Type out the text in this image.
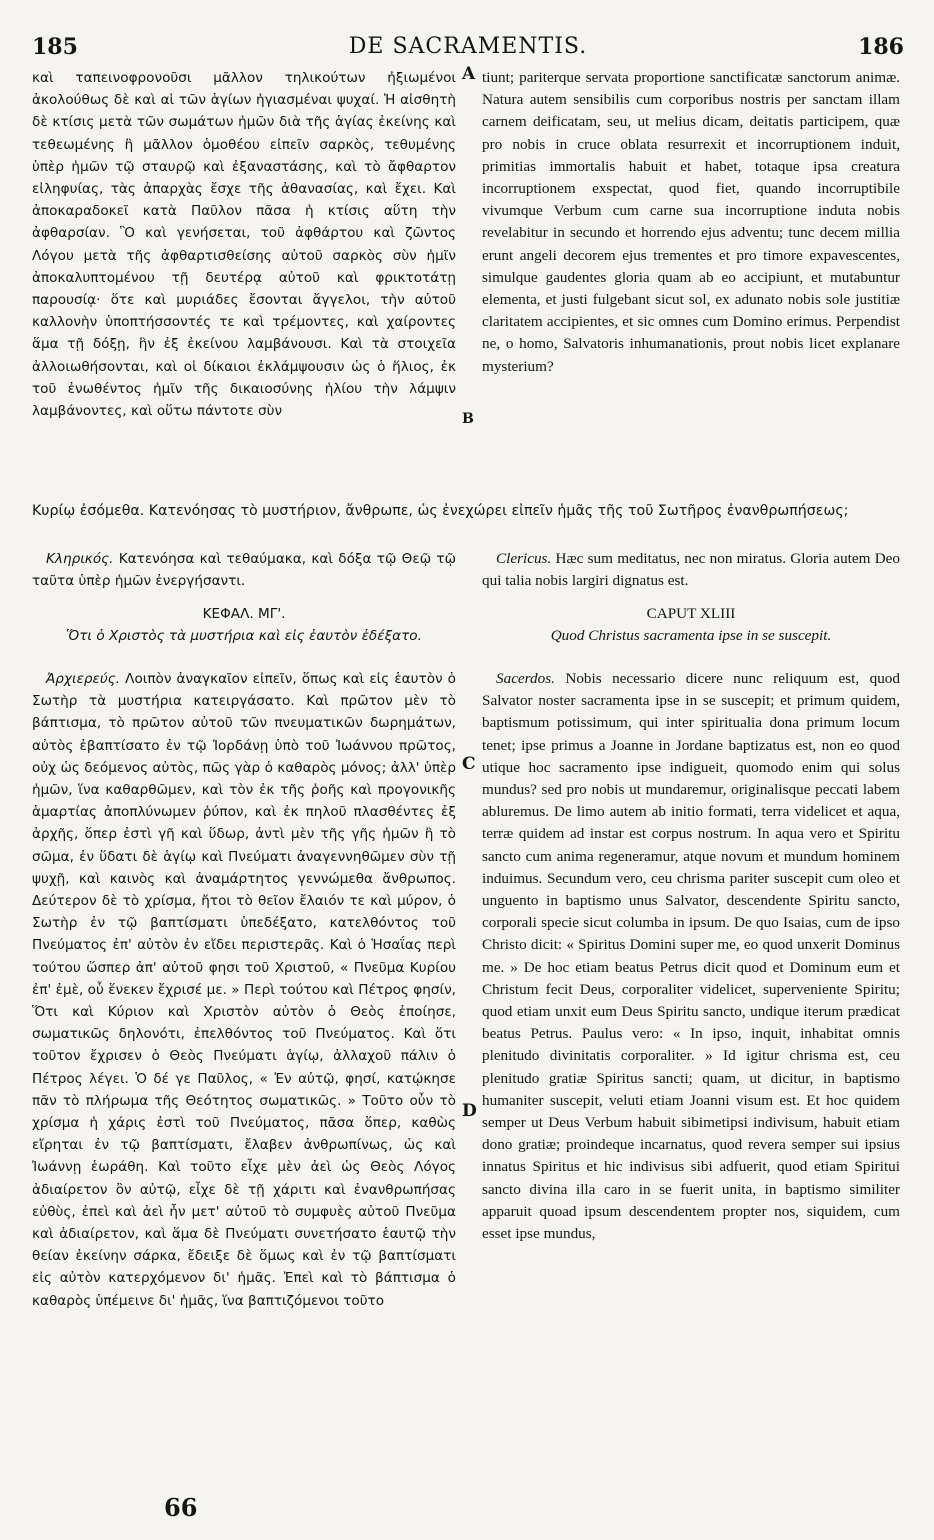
185	DE SACRAMENTIS.	186
A
B
C
D

καὶ ταπεινοφρονοῦσι μᾶλλον τηλικούτων ἠξιωμένοι ἀκολούθως δὲ καὶ αἱ τῶν ἁγίων ἡγιασμέναι ψυχαί. Ἡ αἰσθητὴ δὲ κτίσις μετὰ τῶν σωμάτων ἡμῶν διὰ τῆς ἁγίας ἐκείνης καὶ τεθεωμένης ἢ μᾶλλον ὁμοθέου εἰπεῖν σαρκὸς, τεθυμένης ὑπὲρ ἡμῶν τῷ σταυρῷ καὶ ἐξαναστάσης, καὶ τὸ ἄφθαρτον εἰληφυίας, τὰς ἀπαρχὰς ἔσχε τῆς ἀθανασίας, καὶ ἔχει. Καὶ ἀποκαραδοκεῖ κατὰ Παῦλον πᾶσα ἡ κτίσις αὕτη τὴν ἀφθαρσίαν. Ὃ καὶ γενήσεται, τοῦ ἀφθάρτου καὶ ζῶντος Λόγου μετὰ τῆς ἀφθαρτισθείσης αὐτοῦ σαρκὸς σὺν ἡμῖν ἀποκαλυπτομένου τῇ δευτέρᾳ αὐτοῦ καὶ φρικτοτάτῃ παρουσίᾳ· ὅτε καὶ μυριάδες ἔσονται ἄγγελοι, τὴν αὐτοῦ καλλονὴν ὑποπτήσσοντές τε καὶ τρέμοντες, καὶ χαίροντες ἅμα τῇ δόξῃ, ἣν ἐξ ἐκείνου λαμβάνουσι. Καὶ τὰ στοιχεῖα ἀλλοιωθήσονται, καὶ οἱ δίκαιοι ἐκλάμψουσιν ὡς ὁ ἥλιος, ἐκ τοῦ ἐνωθέντος ἡμῖν τῆς δικαιοσύνης ἡλίου τὴν λάμψιν λαμβάνοντες, καὶ οὕτω πάντοτε σὺν

tiunt; pariterque servata proportione sanctificatæ sanctorum animæ. Natura autem sensibilis cum corporibus nostris per sanctam illam carnem deificatam, seu, ut melius dicam, deitatis participem, quæ pro nobis in cruce oblata resurrexit et incorruptionem induit, primitias immortalis habuit et habet, totaque ipsa creatura incorruptionem exspectat, quod fiet, quando incorruptibile vivumque Verbum cum carne sua incorruptione induta nobis revelabitur in secundo et horrendo ejus adventu; tunc decem millia erunt angeli decorem ejus trementes et pro timore expavescentes, simulque gaudentes gloria quam ab eo accipiunt, et mutabuntur elementa, et justi fulgebant sicut sol, ex adunato nobis sole justitiæ claritatem accipientes, et sic omnes cum Domino erimus. Perpendist ne, o homo, Salvatoris inhumanationis, prout nobis licet explanare mysterium?

Κυρίῳ ἐσόμεθα. Κατενόησας τὸ μυστήριον, ἄνθρωπε, ὡς ἐνεχώρει εἰπεῖν ἡμᾶς τῆς τοῦ Σωτῆρος ἐνανθρωπήσεως;

Κληρικός. Κατενόησα καὶ τεθαύμακα, καὶ δόξα τῷ Θεῷ τῷ ταῦτα ὑπὲρ ἡμῶν ἐνεργήσαντι.

Clericus. Hæc sum meditatus, nec non miratus. Gloria autem Deo qui talia nobis largiri dignatus est.

ΚΕΦΑΛ. ΜΓ'.
Ὅτι ὁ Χριστὸς τὰ μυστήρια καὶ εἰς ἑαυτὸν ἐδέξατο.
CAPUT XLIII
Quod Christus sacramenta ipse in se suscepit.

Ἀρχιερεύς. Λοιπὸν ἀναγκαῖον εἰπεῖν, ὅπως καὶ εἰς ἑαυτὸν ὁ Σωτὴρ τὰ μυστήρια κατειργάσατο. Καὶ πρῶτον μὲν τὸ βάπτισμα, τὸ πρῶτον αὐτοῦ τῶν πνευματικῶν δωρημάτων, αὐτὸς ἐβαπτίσατο ἐν τῷ Ἰορδάνῃ ὑπὸ τοῦ Ἰωάννου πρῶτος, οὐχ ὡς δεόμενος αὐτὸς, πῶς γὰρ ὁ καθαρὸς μόνος; ἀλλ' ὑπὲρ ἡμῶν, ἵνα καθαρθῶμεν, καὶ τὸν ἐκ τῆς ῥοῆς καὶ προγονικῆς ἁμαρτίας ἀποπλύνωμεν ῥύπον, καὶ ἐκ πηλοῦ πλασθέντες ἐξ ἀρχῆς, ὅπερ ἐστὶ γῆ καὶ ὕδωρ, ἀντὶ μὲν τῆς γῆς ἡμῶν ἢ τὸ σῶμα, ἐν ὕδατι δὲ ἁγίῳ καὶ Πνεύματι ἀναγεννηθῶμεν σὺν τῇ ψυχῇ, καὶ καινὸς καὶ ἀναμάρτητος γεννώμεθα ἄνθρωπος. Δεύτερον δὲ τὸ χρίσμα, ἤτοι τὸ θεῖον ἔλαιόν τε καὶ μύρον, ὁ Σωτὴρ ἐν τῷ βαπτίσματι ὑπεδέξατο, κατελθόντος τοῦ Πνεύματος ἐπ' αὐτὸν ἐν εἴδει περιστερᾶς. Καὶ ὁ Ἡσαΐας περὶ τούτου ὥσπερ ἀπ' αὐτοῦ φησι τοῦ Χριστοῦ, « Πνεῦμα Κυρίου ἐπ' ἐμὲ, οὗ ἕνεκεν ἔχρισέ με. » Περὶ τούτου καὶ Πέτρος φησίν, Ὅτι καὶ Κύριον καὶ Χριστὸν αὐτὸν ὁ Θεὸς ἐποίησε, σωματικῶς δηλονότι, ἐπελθόντος τοῦ Πνεύματος. Καὶ ὅτι τοῦτον ἔχρισεν ὁ Θεὸς Πνεύματι ἁγίῳ, ἀλλαχοῦ πάλιν ὁ Πέτρος λέγει. Ὁ δέ γε Παῦλος, « Ἐν αὐτῷ, φησί, κατῴκησε πᾶν τὸ πλήρωμα τῆς Θεότητος σωματικῶς. » Τοῦτο οὖν τὸ χρίσμα ἡ χάρις ἐστὶ τοῦ Πνεύματος, πᾶσα ὅπερ, καθὼς εἴρηται ἐν τῷ βαπτίσματι, ἔλαβεν ἀνθρωπίνως, ὡς καὶ Ἰωάννῃ ἑωράθη. Καὶ τοῦτο εἶχε μὲν ἀεὶ ὡς Θεὸς Λόγος ἀδιαίρετον ὂν αὐτῷ, εἶχε δὲ τῇ χάριτι καὶ ἐνανθρωπήσας εὐθὺς, ἐπεὶ καὶ ἀεὶ ἦν μετ' αὐτοῦ τὸ συμφυὲς αὐτοῦ Πνεῦμα καὶ ἀδιαίρετον, καὶ ἅμα δὲ Πνεύματι συνετήσατο ἑαυτῷ τὴν θείαν ἐκείνην σάρκα, ἔδειξε δὲ ὅμως καὶ ἐν τῷ βαπτίσματι εἰς αὐτὸν κατερχόμενον δι' ἡμᾶς. Ἐπεὶ καὶ τὸ βάπτισμα ὁ καθαρὸς ὑπέμεινε δι' ἡμᾶς, ἵνα βαπτιζόμενοι τοῦτο

Sacerdos. Nobis necessario dicere nunc reliquum est, quod Salvator noster sacramenta ipse in se suscepit; et primum quidem, baptismum potissimum, qui inter spiritualia dona primum locum tenet; ipse primus a Joanne in Jordane baptizatus est, non eo quod utique hoc sacramento ipse indigueit, quomodo enim qui solus mundus? sed pro nobis ut mundaremur, originalisque peccati labem abluremus. De limo autem ab initio formati, terra videlicet et aqua, terræ quidem ad instar est corpus nostrum. In aqua vero et Spiritu sancto cum anima regeneramur, atque novum et mundum hominem induimus. Secundum vero, ceu chrisma pariter suscepit cum oleo et unguento in baptismo unus Salvator, descendente Spiritu sancto, corporali specie sicut columba in ipsum. De quo Isaias, cum de ipso Christo dicit: « Spiritus Domini super me, eo quod unxerit Dominus me. » De hoc etiam beatus Petrus dicit quod et Dominum eum et Christum fecit Deus, corporaliter videlicet, superveniente Spiritu; quod etiam unxit eum Deus Spiritu sancto, undique iterum prædicat beatus Petrus. Paulus vero: « In ipso, inquit, inhabitat omnis plenitudo divinitatis corporaliter. » Id igitur chrisma est, ceu plenitudo gratiæ Spiritus sancti; quam, ut dicitur, in baptismo humaniter suscepit, veluti etiam Joanni visum est. Et hoc quidem semper ut Deus Verbum habuit sibimetipsi indivisum, habuit etiam dono gratiæ; proindeque incarnatus, quod revera semper sui ipsius innatus Spiritus et hic indivisus sibi adfuerit, quod etiam Spiritui sancto divina illa caro in se fuerit unita, in baptismo similiter apparuit quoad ipsum descendentem propter nos, siquidem, cum esset ipse mundus,

66
